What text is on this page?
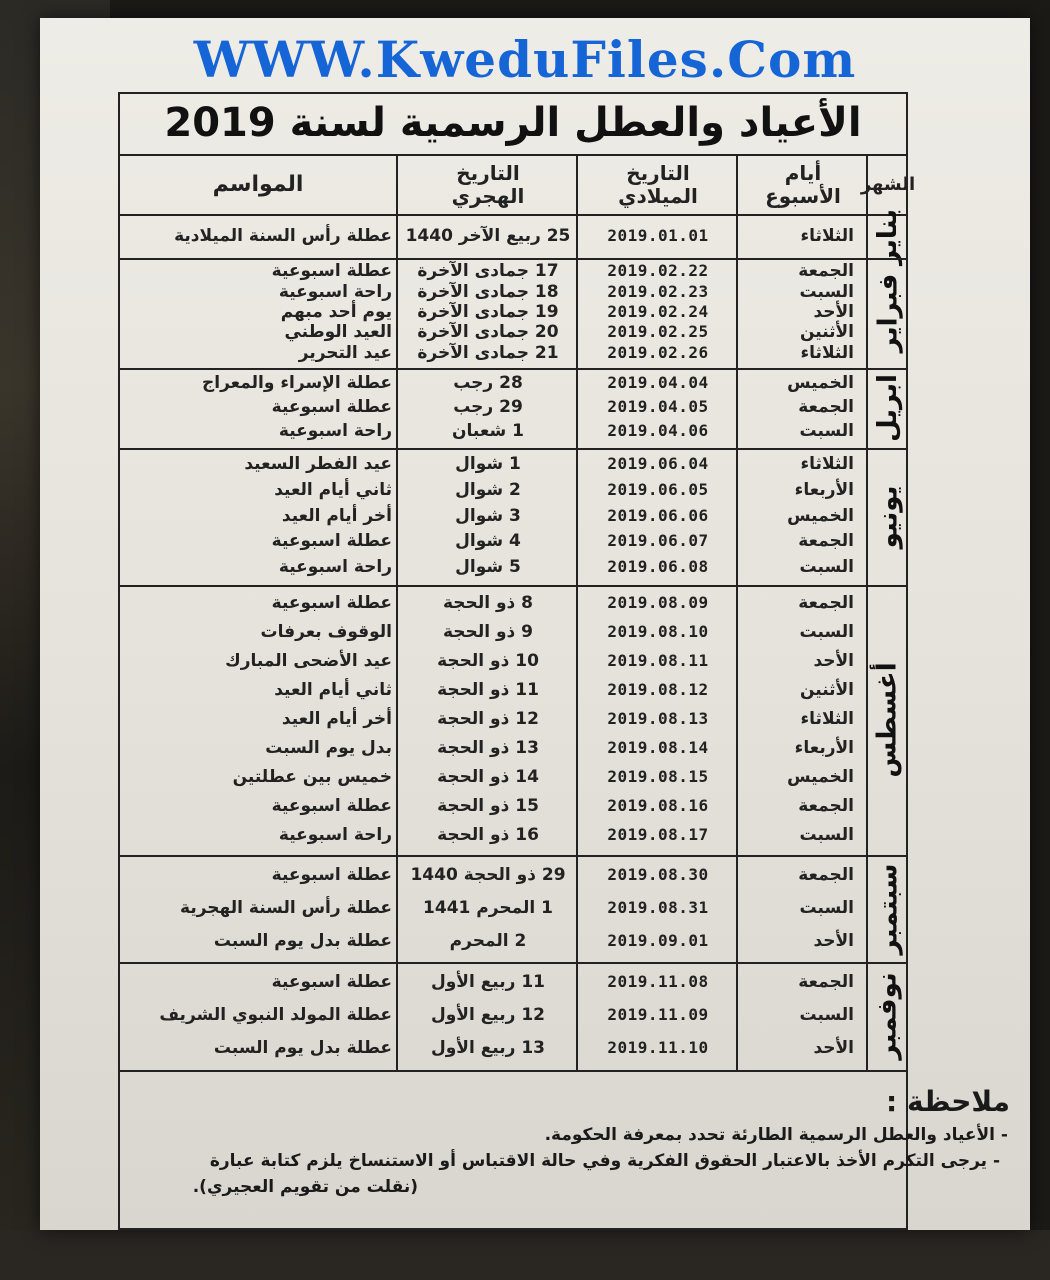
WWW.KweduFiles.Com
الأعياد والعطل الرسمية لسنة 2019
الشهر
أيام
الأسبوع
التاريخ
الميلادي
التاريخ
الهجري
المواسم
يناير
الثلاثاء
2019.01.01
25 ربيع الآخر 1440
عطلة رأس السنة الميلادية
فبراير
الجمعة
2019.02.22
17 جمادى الآخرة
عطلة اسبوعية
السبت
2019.02.23
18 جمادى الآخرة
راحة اسبوعية
الأحد
2019.02.24
19 جمادى الآخرة
يوم أحد مبهم
الأثنين
2019.02.25
20 جمادى الآخرة
العيد الوطني
الثلاثاء
2019.02.26
21 جمادى الآخرة
عيد التحرير
ابريل
الخميس
2019.04.04
28 رجب
عطلة الإسراء والمعراج
الجمعة
2019.04.05
29 رجب
عطلة اسبوعية
السبت
2019.04.06
1 شعبان
راحة اسبوعية
يونيو
الثلاثاء
2019.06.04
1 شوال
عيد الفطر السعيد
الأربعاء
2019.06.05
2 شوال
ثاني أيام العيد
الخميس
2019.06.06
3 شوال
أخر أيام العيد
الجمعة
2019.06.07
4 شوال
عطلة اسبوعية
السبت
2019.06.08
5 شوال
راحة اسبوعية
أغسطس
الجمعة
2019.08.09
8 ذو الحجة
عطلة اسبوعية
السبت
2019.08.10
9 ذو الحجة
الوقوف بعرفات
الأحد
2019.08.11
10 ذو الحجة
عيد الأضحى المبارك
الأثنين
2019.08.12
11 ذو الحجة
ثاني أيام العيد
الثلاثاء
2019.08.13
12 ذو الحجة
أخر أيام العيد
الأربعاء
2019.08.14
13 ذو الحجة
بدل يوم السبت
الخميس
2019.08.15
14 ذو الحجة
خميس بين عطلتين
الجمعة
2019.08.16
15 ذو الحجة
عطلة اسبوعية
السبت
2019.08.17
16 ذو الحجة
راحة اسبوعية
سبتمبر
الجمعة
2019.08.30
29 ذو الحجة 1440
عطلة اسبوعية
السبت
2019.08.31
1 المحرم 1441
عطلة رأس السنة الهجرية
الأحد
2019.09.01
2 المحرم
عطلة بدل يوم السبت
نوفمبر
الجمعة
2019.11.08
11 ربيع الأول
عطلة اسبوعية
السبت
2019.11.09
12 ربيع الأول
عطلة المولد النبوي الشريف
الأحد
2019.11.10
13 ربيع الأول
عطلة بدل يوم السبت
ملاحظة :
- الأعياد والعطل الرسمية الطارئة تحدد بمعرفة الحكومة.
- يرجى التكرم الأخذ بالاعتبار الحقوق الفكرية وفي حالة الاقتباس أو الاستنساخ يلزم كتابة عبارة
(نقلت من تقويم العجيري).
